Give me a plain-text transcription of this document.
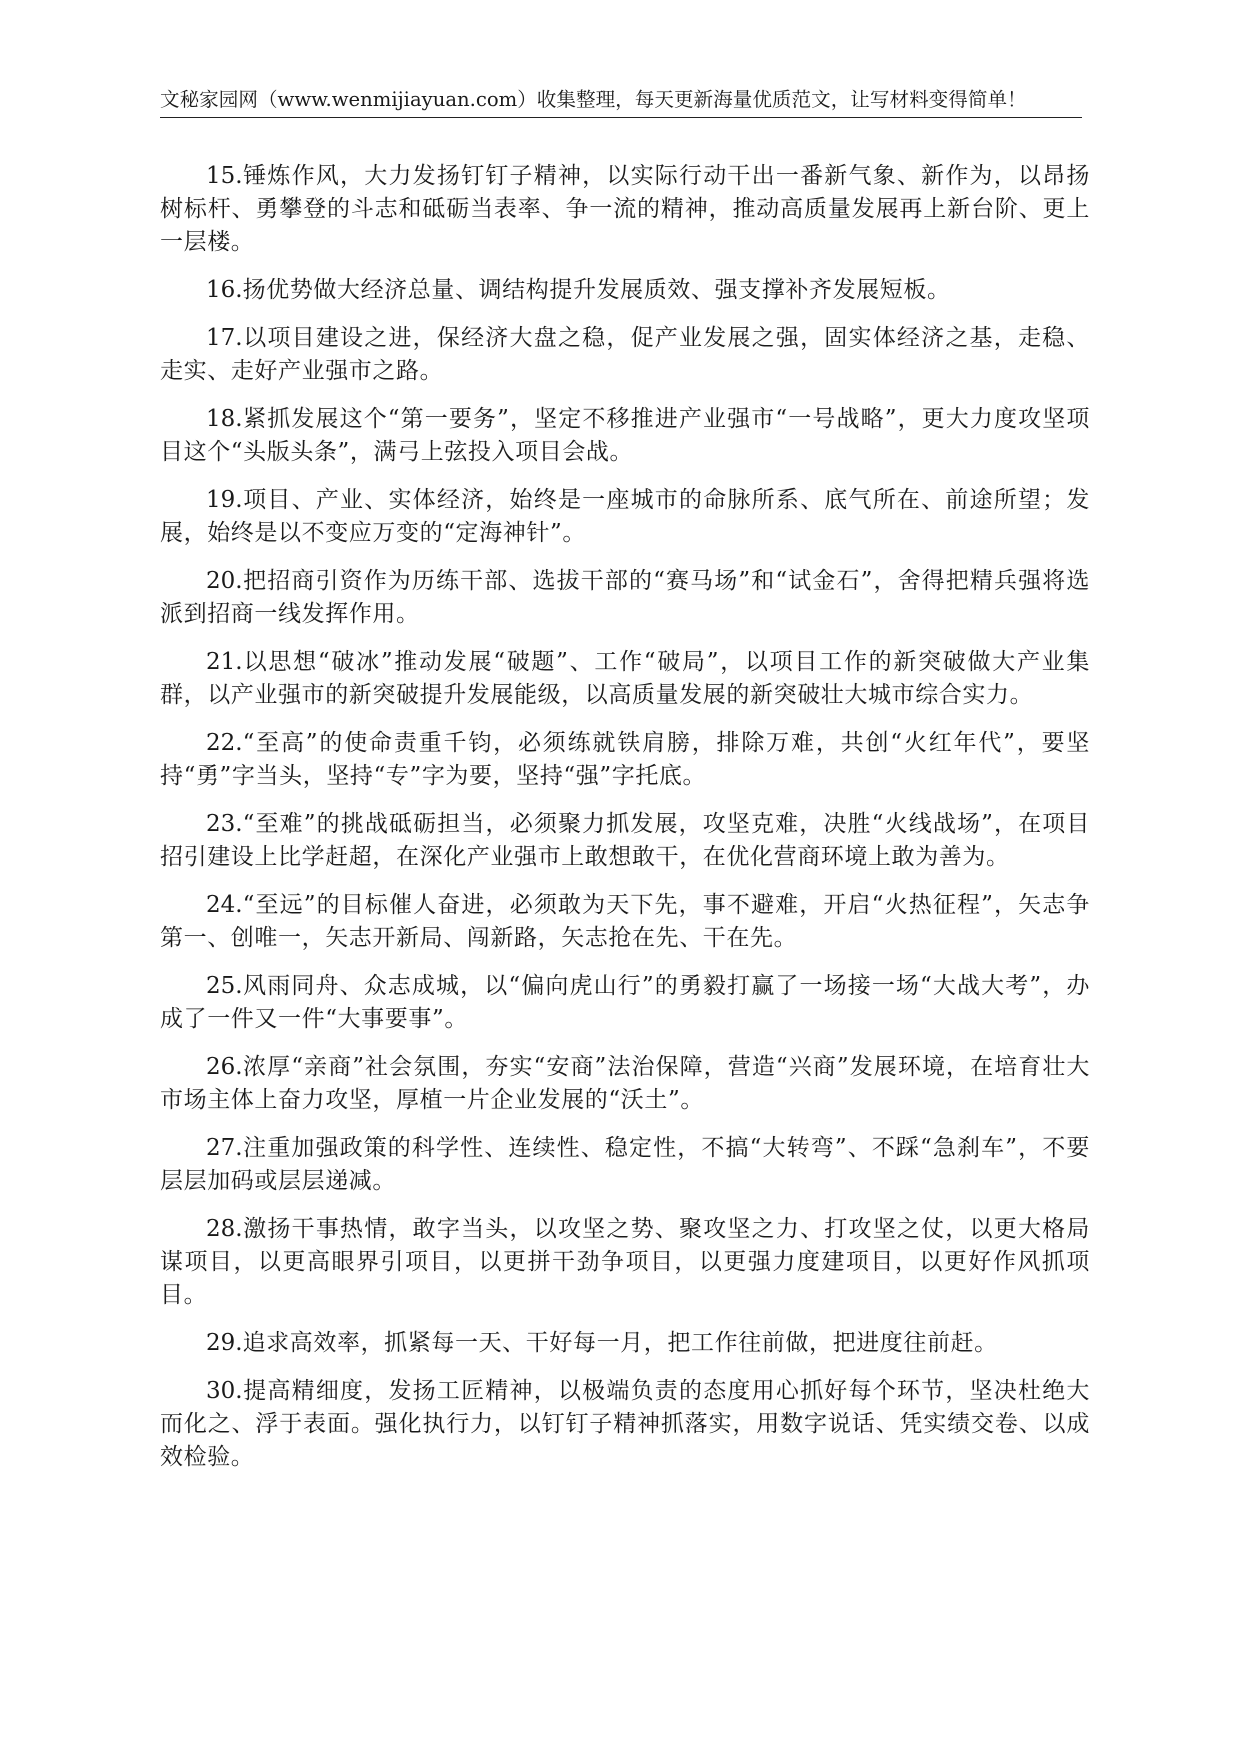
文秘家园网（www.wenmijiayuan.com）收集整理，每天更新海量优质范文，让写材料变得简单！

15.锤炼作风，大力发扬钉钉子精神，以实际行动干出一番新气象、新作为，以昂扬树标杆、勇攀登的斗志和砥砺当表率、争一流的精神，推动高质量发展再上新台阶、更上一层楼。

16.扬优势做大经济总量、调结构提升发展质效、强支撑补齐发展短板。

17.以项目建设之进，保经济大盘之稳，促产业发展之强，固实体经济之基，走稳、走实、走好产业强市之路。

18.紧抓发展这个“第一要务”，坚定不移推进产业强市“一号战略”，更大力度攻坚项目这个“头版头条”，满弓上弦投入项目会战。

19.项目、产业、实体经济，始终是一座城市的命脉所系、底气所在、前途所望；发展，始终是以不变应万变的“定海神针”。

20.把招商引资作为历练干部、选拔干部的“赛马场”和“试金石”，舍得把精兵强将选派到招商一线发挥作用。

21.以思想“破冰”推动发展“破题”、工作“破局”，以项目工作的新突破做大产业集群，以产业强市的新突破提升发展能级，以高质量发展的新突破壮大城市综合实力。

22.“至高”的使命责重千钧，必须练就铁肩膀，排除万难，共创“火红年代”，要坚持“勇”字当头，坚持“专”字为要，坚持“强”字托底。

23.“至难”的挑战砥砺担当，必须聚力抓发展，攻坚克难，决胜“火线战场”，在项目招引建设上比学赶超，在深化产业强市上敢想敢干，在优化营商环境上敢为善为。

24.“至远”的目标催人奋进，必须敢为天下先，事不避难，开启“火热征程”，矢志争第一、创唯一，矢志开新局、闯新路，矢志抢在先、干在先。

25.风雨同舟、众志成城，以“偏向虎山行”的勇毅打赢了一场接一场“大战大考”，办成了一件又一件“大事要事”。

26.浓厚“亲商”社会氛围，夯实“安商”法治保障，营造“兴商”发展环境，在培育壮大市场主体上奋力攻坚，厚植一片企业发展的“沃土”。

27.注重加强政策的科学性、连续性、稳定性，不搞“大转弯”、不踩“急刹车”，不要层层加码或层层递减。

28.激扬干事热情，敢字当头，以攻坚之势、聚攻坚之力、打攻坚之仗，以更大格局谋项目，以更高眼界引项目，以更拼干劲争项目，以更强力度建项目，以更好作风抓项目。

29.追求高效率，抓紧每一天、干好每一月，把工作往前做，把进度往前赶。

30.提高精细度，发扬工匠精神，以极端负责的态度用心抓好每个环节，坚决杜绝大而化之、浮于表面。强化执行力，以钉钉子精神抓落实，用数字说话、凭实绩交卷、以成效检验。
